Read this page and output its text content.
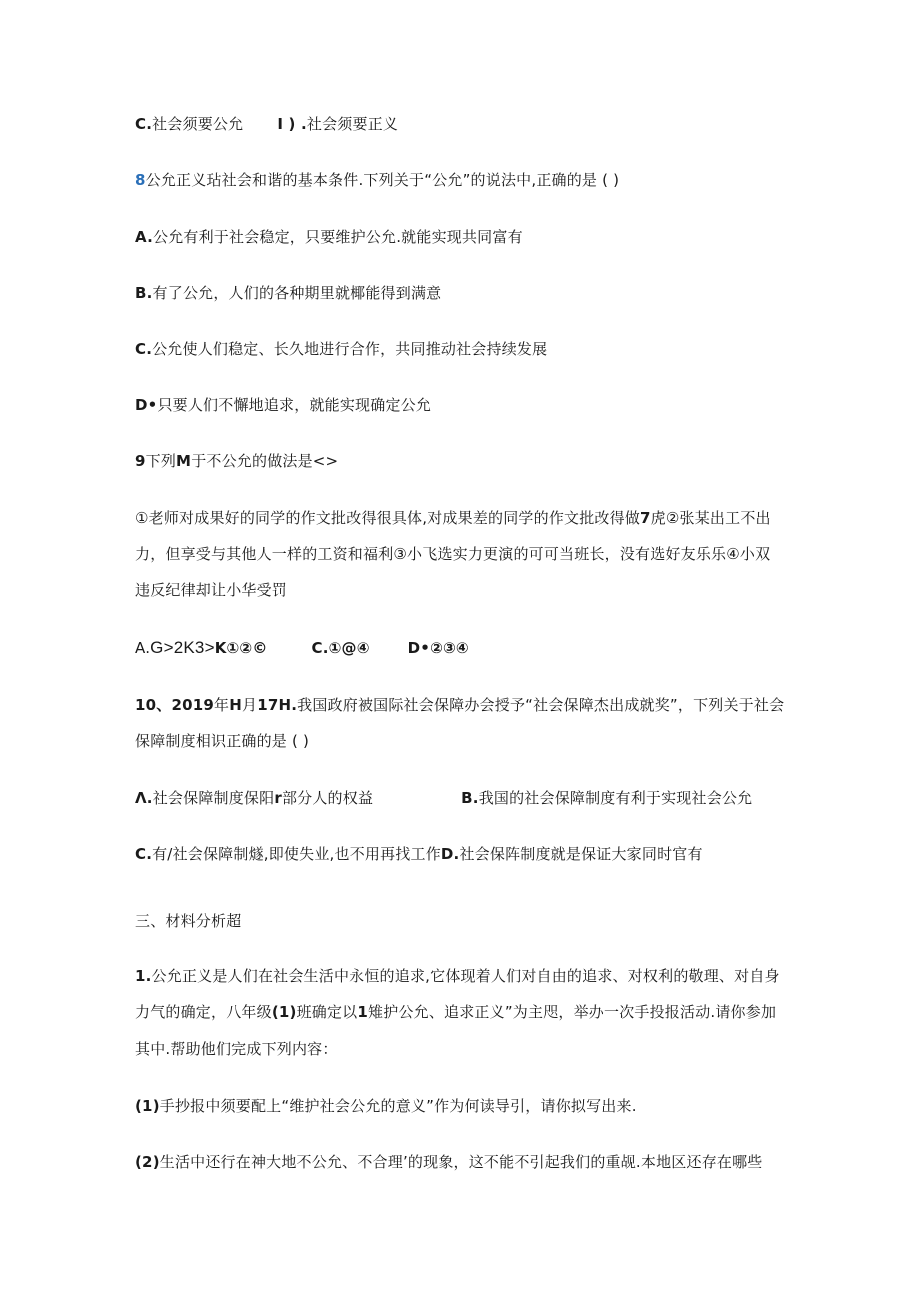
C.社会须要公允 I ) .社会须要正义
8公允正义玷社会和谐的基本条件.下列关于“公允”的说法中,正确的是 ( )
A.公允有利于社会稳定，只要维护公允.就能实现共同富有
B.有了公允，人们的各种期里就椰能得到满意
C.公允使人们稳定、长久地进行合作，共同推动社会持续发展
D•只要人们不懈地追求，就能实现确定公允
9下列M于不公允的做法是<>
①老师对成果好的同学的作文批改得很具体,对成果差的同学的作文批改得做7虎②张某出工不出
力，但享受与其他人一样的工资和福利③小飞选实力更演的可可当班长，没有选好友乐乐④小双
违反纪律却让小华受罚
A.G>2K3>K①②©	C.①@④	D•②③④
10、2019年H月17H.我国政府被国际社会保障办会授予“社会保障杰出成就奖”，下列关于社会
保障制度相识正确的是 ( )
Λ.社会保障制度保阳r部分人的权益	B.我国的社会保障制度有利于实现社会公允
C.有/社会保障制燧,即使失业,也不用再找工作D.社会保阵制度就是保证大家同时官有
三、材料分析超
1.公允正义是人们在社会生活中永恒的追求,它体现着人们对自由的追求、对权利的敬理、对自身
力气的确定，八年级(1)班确定以1雉护公允、追求正义”为主咫，举办一次手投报活动.请你参加
其中.帮助他们完成下列内容：
(1)手抄报中须要配上“维护社会公允的意义”作为何读导引，请你拟写出来.
(2)生活中还行在神大地不公允、不合理’的现象，这不能不引起我们的重觇.本地区还存在哪些
